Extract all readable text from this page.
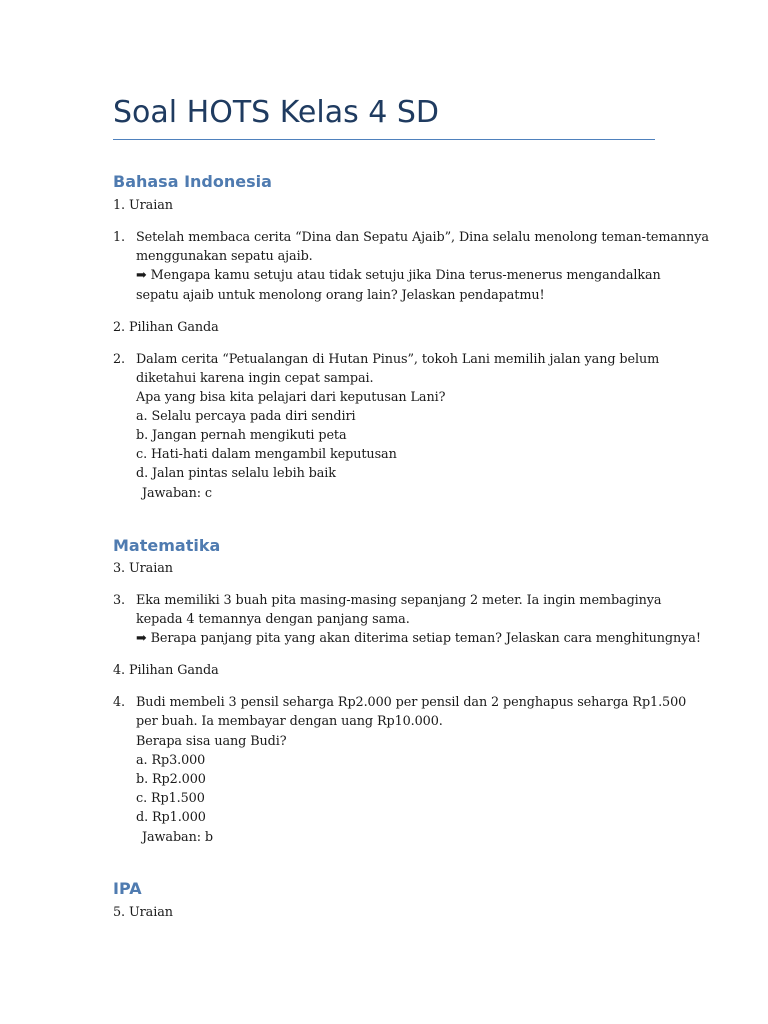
Soal HOTS Kelas 4 SD
Bahasa Indonesia

1. Uraian

1. Setelah membaca cerita “Dina dan Sepatu Ajaib”, Dina selalu menolong teman-temannya

menggunakan sepatu ajaib.

➡ Mengapa kamu setuju atau tidak setuju jika Dina terus-menerus mengandalkan

sepatu ajaib untuk menolong orang lain? Jelaskan pendapatmu!

2. Pilihan Ganda

2. Dalam cerita “Petualangan di Hutan Pinus”, tokoh Lani memilih jalan yang belum

diketahui karena ingin cepat sampai.

Apa yang bisa kita pelajari dari keputusan Lani?

a. Selalu percaya pada diri sendiri

b. Jangan pernah mengikuti peta

c. Hati-hati dalam mengambil keputusan

d. Jalan pintas selalu lebih baik

Jawaban: c

Matematika

3. Uraian

3. Eka memiliki 3 buah pita masing-masing sepanjang 2 meter. Ia ingin membaginya

kepada 4 temannya dengan panjang sama.

➡ Berapa panjang pita yang akan diterima setiap teman? Jelaskan cara menghitungnya!

4. Pilihan Ganda

4. Budi membeli 3 pensil seharga Rp2.000 per pensil dan 2 penghapus seharga Rp1.500

per buah. Ia membayar dengan uang Rp10.000.

Berapa sisa uang Budi?

a. Rp3.000

b. Rp2.000

c. Rp1.500

d. Rp1.000

Jawaban: b

IPA

5. Uraian
